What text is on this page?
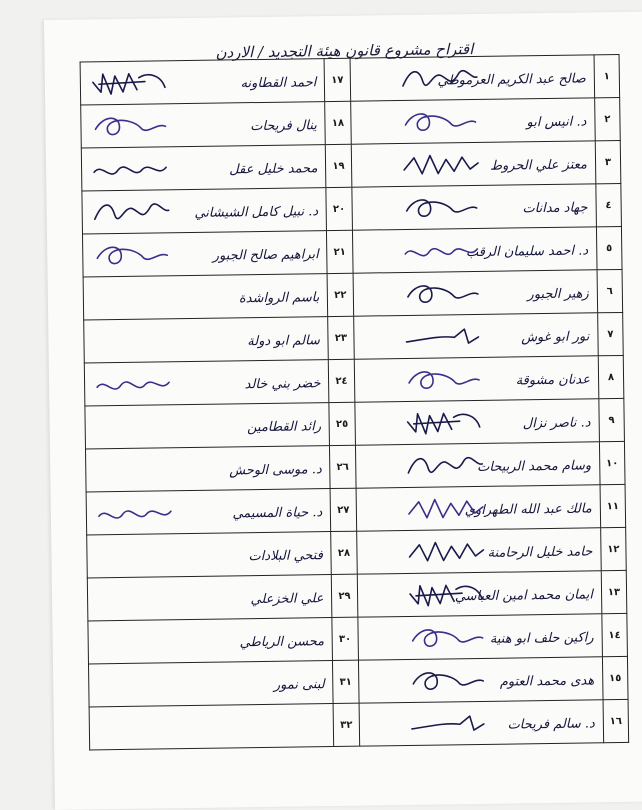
اقتراح مشروع قانون هيئة التجديد / الاردن
١	صالح عبد الكريم العرموطي	١٧	احمد القطاونه

٢	د. انيس ابو	١٨	ينال فريحات

٣	معتز علي الحروط	١٩	محمد خليل عقل

٤	جهاد مدانات	٢٠	د. نبيل كامل الشيشاني

٥	د. احمد سليمان الرقب	٢١	ابراهيم صالح الجبور

٦	زهير الجبور	٢٢	باسم الرواشدة
٧	نور ابو غوش	٢٣	سالم ابو دولة
٨	عدنان مشوقة	٢٤	خضر بني خالد

٩	د. ناصر نزال	٢٥	رائد القطامين
١٠	وسام محمد الربيحات	٢٦	د. موسى الوحش
١١	مالك عبد الله الطهراوي	٢٧	د. حياة المسيمي

١٢	حامد خليل الرحامنة	٢٨	فتحي البلادات
١٣	ايمان محمد امين العباسي	٢٩	علي الخزعلي
١٤	راكين حلف ابو هنية	٣٠	محسن الرياطي
١٥	هدى محمد العتوم	٣١	لبنى نمور
١٦	د. سالم فريحات	٣٢	
